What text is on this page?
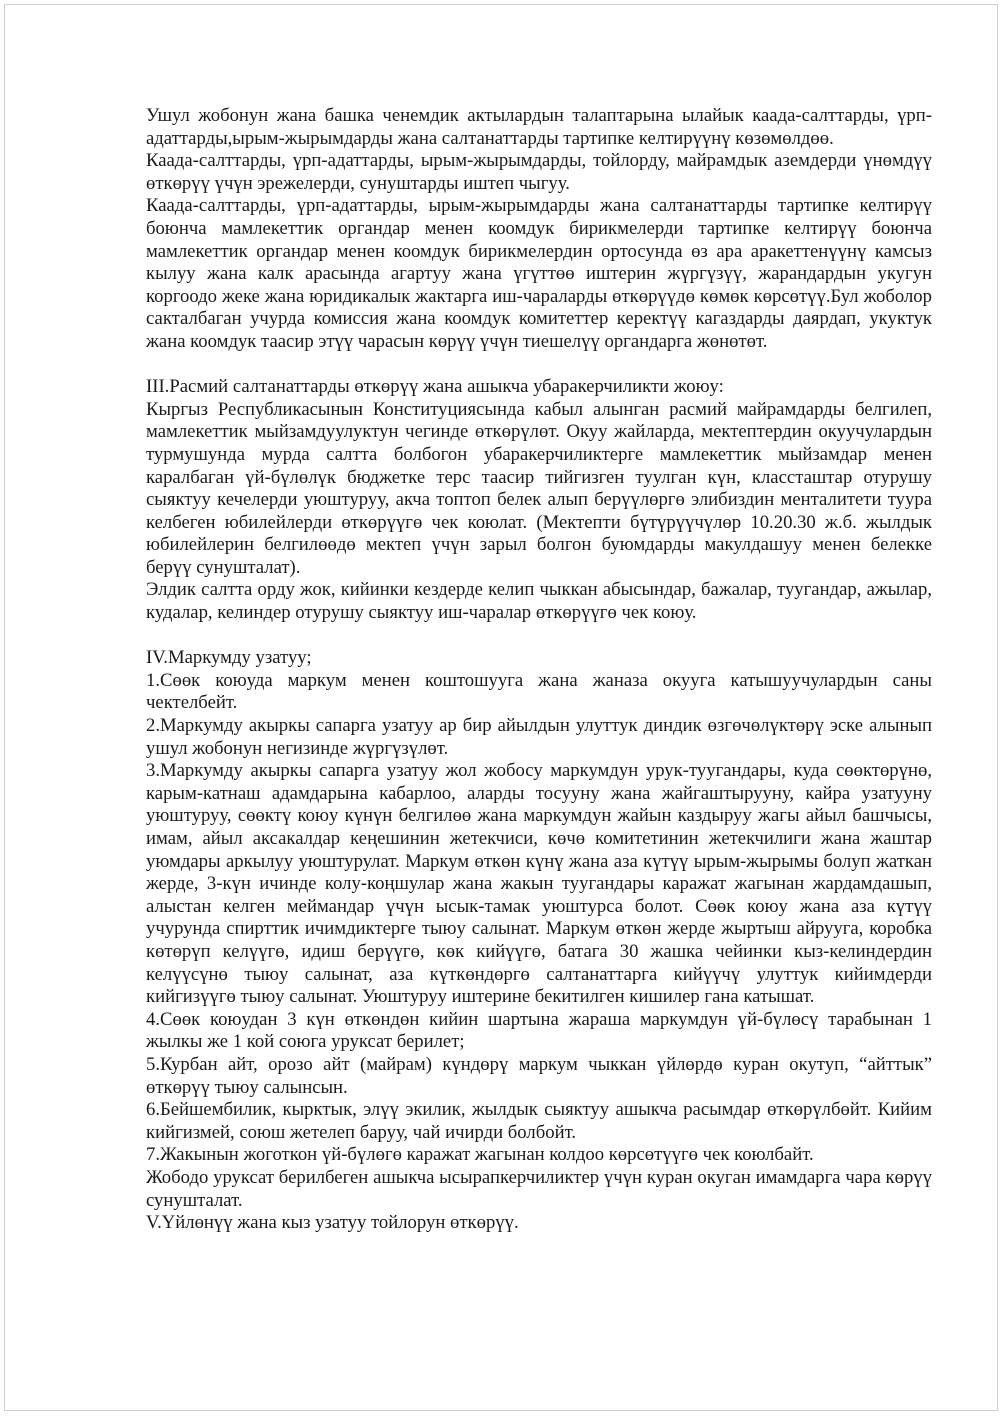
Ушул жобонун жана башка ченемдик актылардын талаптарына ылайык каада-салттарды, үрп-адаттарды,ырым-жырымдарды жана салтанаттарды тартипке келтирүүнү көзөмөлдөө.

Каада-салттарды, үрп-адаттарды, ырым-жырымдарды, тойлорду, майрамдык аземдерди үнөмдүү өткөрүү үчүн эрежелерди, сунуштарды иштеп чыгуу.

Каада-салттарды, үрп-адаттарды, ырым-жырымдарды жана салтанаттарды тартипке келтирүү боюнча мамлекеттик органдар менен коомдук бирикмелерди тартипке келтирүү боюнча мамлекеттик органдар менен коомдук бирикмелердин ортосунда өз ара аракеттенүүнү камсыз кылуу жана калк арасында агартуу жана үгүттөө иштерин жүргүзүү, жарандардын укугун коргоодо жеке жана юридикалык жактарга иш-чараларды өткөрүүдө көмөк көрсөтүү.Бул жоболор сакталбаган учурда комиссия жана коомдук комитеттер керектүү кагаздарды даярдап, укуктук жана коомдук таасир этүү чарасын көрүү үчүн тиешелүү органдарга жөнөтөт.

III.Расмий салтанаттарды өткөрүү жана ашыкча убаракерчиликти жоюу:

Кыргыз Республикасынын Конституциясында кабыл алынган расмий майрамдарды белгилеп, мамлекеттик мыйзамдуулуктун чегинде өткөрүлөт. Окуу жайларда, мектептердин окуучулардын турмушунда мурда салтта болбогон убаракерчиликтерге мамлекеттик мыйзамдар менен каралбаган үй-бүлөлүк бюджетке терс таасир тийгизген туулган күн, классташтар отурушу сыяктуу кечелерди уюштуруу, акча топтоп белек алып берүүлөргө элибиздин менталитети туура келбеген юбилейлерди өткөрүүгө чек коюлат. (Мектепти бүтүрүүчүлөр 10.20.30 ж.б. жылдык юбилейлерин белгилөөдө мектеп үчүн зарыл болгон буюмдарды макулдашуу менен белекке берүү сунушталат).

Элдик салтта орду жок, кийинки кездерде келип чыккан абысындар, бажалар, туугандар, ажылар, кудалар, келиндер отурушу сыяктуу иш-чаралар өткөрүүгө чек коюу.

IV.Маркумду узатуу;

1.Сөөк коюуда маркум менен коштошууга жана жаназа окууга катышуучулардын саны чектелбейт.

2.Маркумду акыркы сапарга узатуу ар бир айылдын улуттук диндик өзгөчөлүктөрү эске алынып ушул жобонун негизинде жүргүзүлөт.

3.Маркумду акыркы сапарга узатуу жол жобосу маркумдун урук-туугандары, куда сөөктөрүнө, карым-катнаш адамдарына кабарлоо, аларды тосууну жана жайгаштырууну, кайра узатууну уюштуруу, сөөктү коюу күнүн белгилөө жана маркумдун жайын каздыруу жагы айыл башчысы, имам, айыл аксакалдар кеңешинин жетекчиси, көчө комитетинин жетекчилиги жана жаштар уюмдары аркылуу уюштурулат. Маркум өткөн күнү жана аза күтүү ырым-жырымы болуп жаткан жерде, 3-күн ичинде колу-коңшулар жана жакын туугандары каражат жагынан жардамдашып, алыстан келген меймандар үчүн ысык-тамак уюштурса болот. Сөөк коюу жана аза күтүү учурунда спирттик ичимдиктерге тыюу салынат. Маркум өткөн жерде жыртыш айрууга, коробка көтөрүп келүүгө, идиш берүүгө, көк кийүүгө, батага 30 жашка чейинки кыз-келиндердин келүүсүнө тыюу салынат, аза күткөндөргө салтанаттарга кийүүчү улуттук кийимдерди кийгизүүгө тыюу салынат. Уюштуруу иштерине бекитилген кишилер гана катышат.

4.Сөөк коюудан 3 күн өткөндөн кийин шартына жараша маркумдун үй-бүлөсү тарабынан 1 жылкы же 1 кой союга уруксат берилет;

5.Курбан айт, орозо айт (майрам) күндөрү маркум чыккан үйлөрдө куран окутуп, “айттык” өткөрүү тыюу салынсын.

6.Бейшембилик, кырктык, элүү экилик, жылдык сыяктуу ашыкча расымдар өткөрүлбөйт. Кийим кийгизмей, союш жетелеп баруу, чай ичирди болбойт.

7.Жакынын жоготкон үй-бүлөгө каражат жагынан колдоо көрсөтүүгө чек коюлбайт.

Жободо уруксат берилбеген ашыкча ысырапкерчиликтер үчүн куран окуган имамдарга чара көрүү сунушталат.

V.Үйлөнүү жана кыз узатуу тойлорун өткөрүү.
